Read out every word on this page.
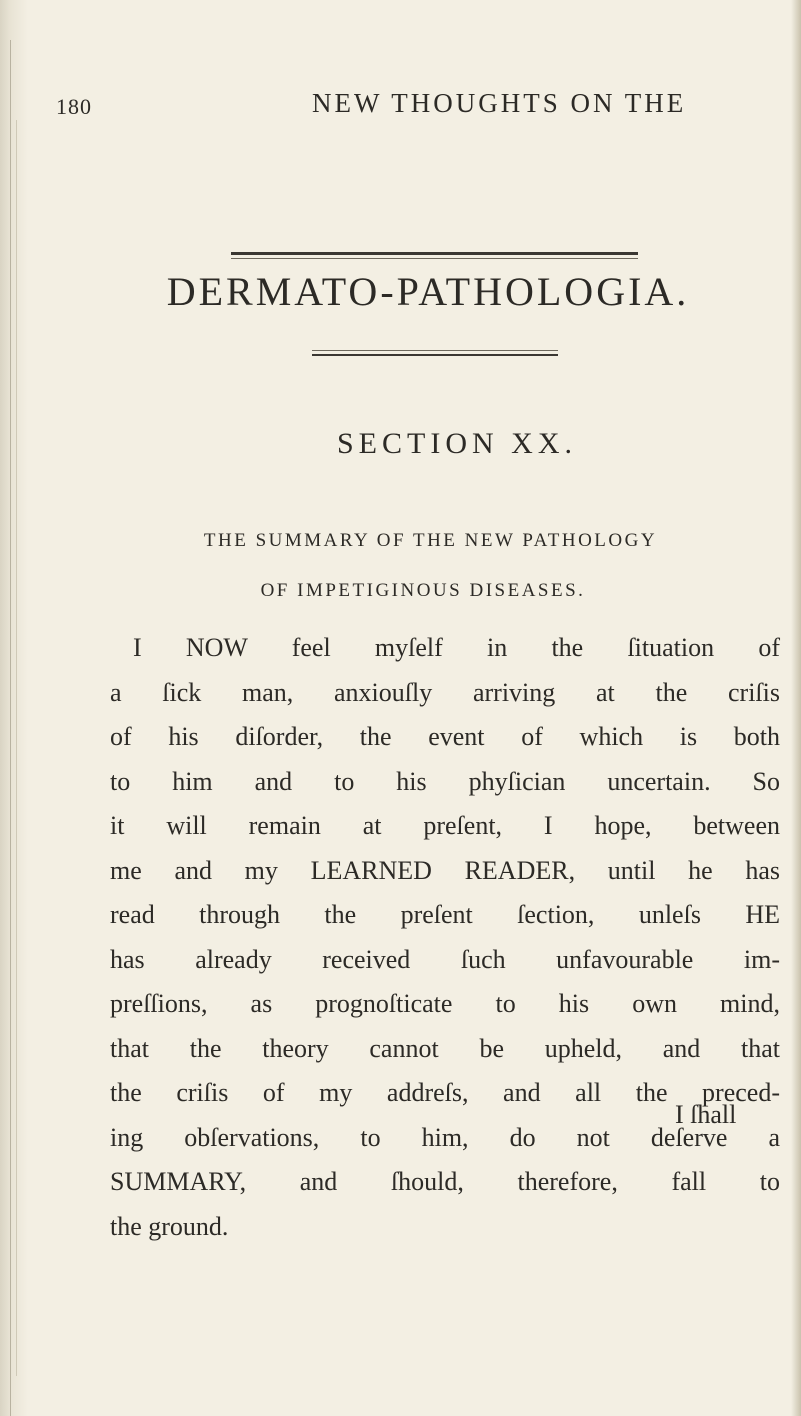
180	NEW THOUGHTS ON THE
DERMATO-PATHOLOGIA.
SECTION XX.
THE SUMMARY OF THE NEW PATHOLOGY
OF IMPETIGINOUS DISEASES.
I NOW feel myſelf in the ſituation of
a ſick man, anxiouſly arriving at the criſis
of his diſorder, the event of which is both
to him and to his phyſician uncertain. So
it will remain at preſent, I hope, between
me and my LEARNED READER, until he has
read through the preſent ſection, unleſs HE
has already received ſuch unfavourable im-
preſſions, as prognoſticate to his own mind,
that the theory cannot be upheld, and that
the criſis of my addreſs, and all the preced-
ing obſervations, to him, do not deſerve a
SUMMARY, and ſhould, therefore, fall to
the ground.
I ſhall
